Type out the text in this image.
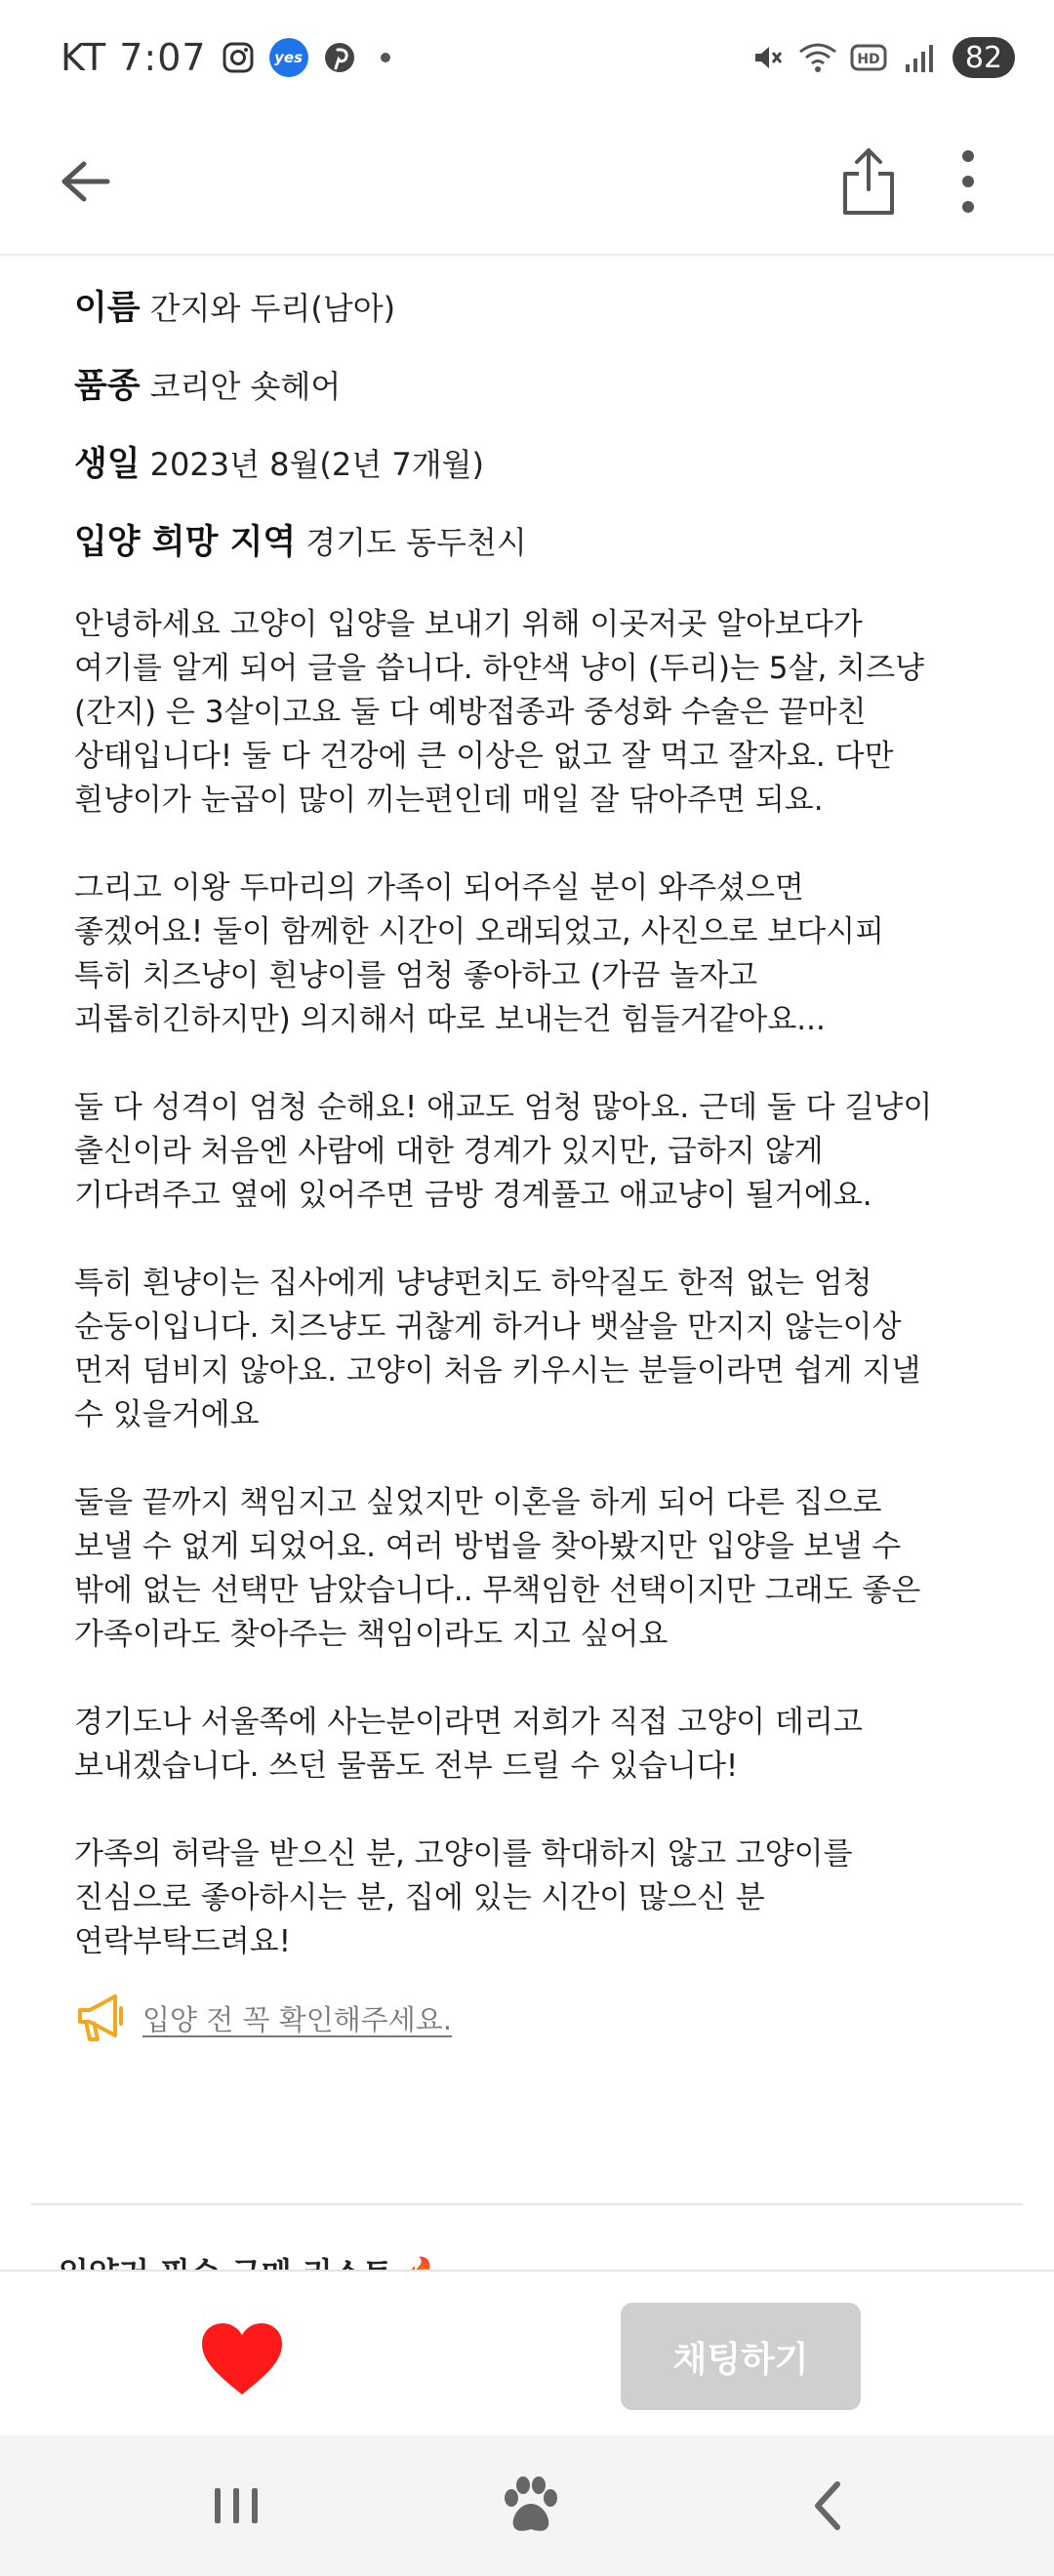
KT 7:07	yes	HD	82
이름 간지와 두리(남아)
품종 코리안 숏헤어
생일 2023년 8월(2년 7개월)
입양 희망 지역 경기도 동두천시

안녕하세요 고양이 입양을 보내기 위해 이곳저곳 알아보다가
여기를 알게 되어 글을 씁니다. 하얀색 냥이 (두리)는 5살, 치즈냥
(간지) 은 3살이고요 둘 다 예방접종과 중성화 수술은 끝마친
상태입니다! 둘 다 건강에 큰 이상은 없고 잘 먹고 잘자요. 다만
흰냥이가 눈곱이 많이 끼는편인데 매일 잘 닦아주면 되요.

그리고 이왕 두마리의 가족이 되어주실 분이 와주셨으면
좋겠어요! 둘이 함께한 시간이 오래되었고, 사진으로 보다시피
특히 치즈냥이 흰냥이를 엄청 좋아하고 (가끔 놀자고
괴롭히긴하지만) 의지해서 따로 보내는건 힘들거같아요...

둘 다 성격이 엄청 순해요! 애교도 엄청 많아요. 근데 둘 다 길냥이
출신이라 처음엔 사람에 대한 경계가 있지만, 급하지 않게
기다려주고 옆에 있어주면 금방 경계풀고 애교냥이 될거에요.

특히 흰냥이는 집사에게 냥냥펀치도 하악질도 한적 없는 엄청
순둥이입니다. 치즈냥도 귀찮게 하거나 뱃살을 만지지 않는이상
먼저 덤비지 않아요. 고양이 처음 키우시는 분들이라면 쉽게 지낼
수 있을거에요

둘을 끝까지 책임지고 싶었지만 이혼을 하게 되어 다른 집으로
보낼 수 없게 되었어요. 여러 방법을 찾아봤지만 입양을 보낼 수
밖에 없는 선택만 남았습니다.. 무책임한 선택이지만 그래도 좋은
가족이라도 찾아주는 책임이라도 지고 싶어요

경기도나 서울쪽에 사는분이라면 저희가 직접 고양이 데리고
보내겠습니다. 쓰던 물품도 전부 드릴 수 있습니다!

가족의 허락을 받으신 분, 고양이를 학대하지 않고 고양이를
진심으로 좋아하시는 분, 집에 있는 시간이 많으신 분
연락부탁드려요!

입양 전 꼭 확인해주세요.
채팅하기
